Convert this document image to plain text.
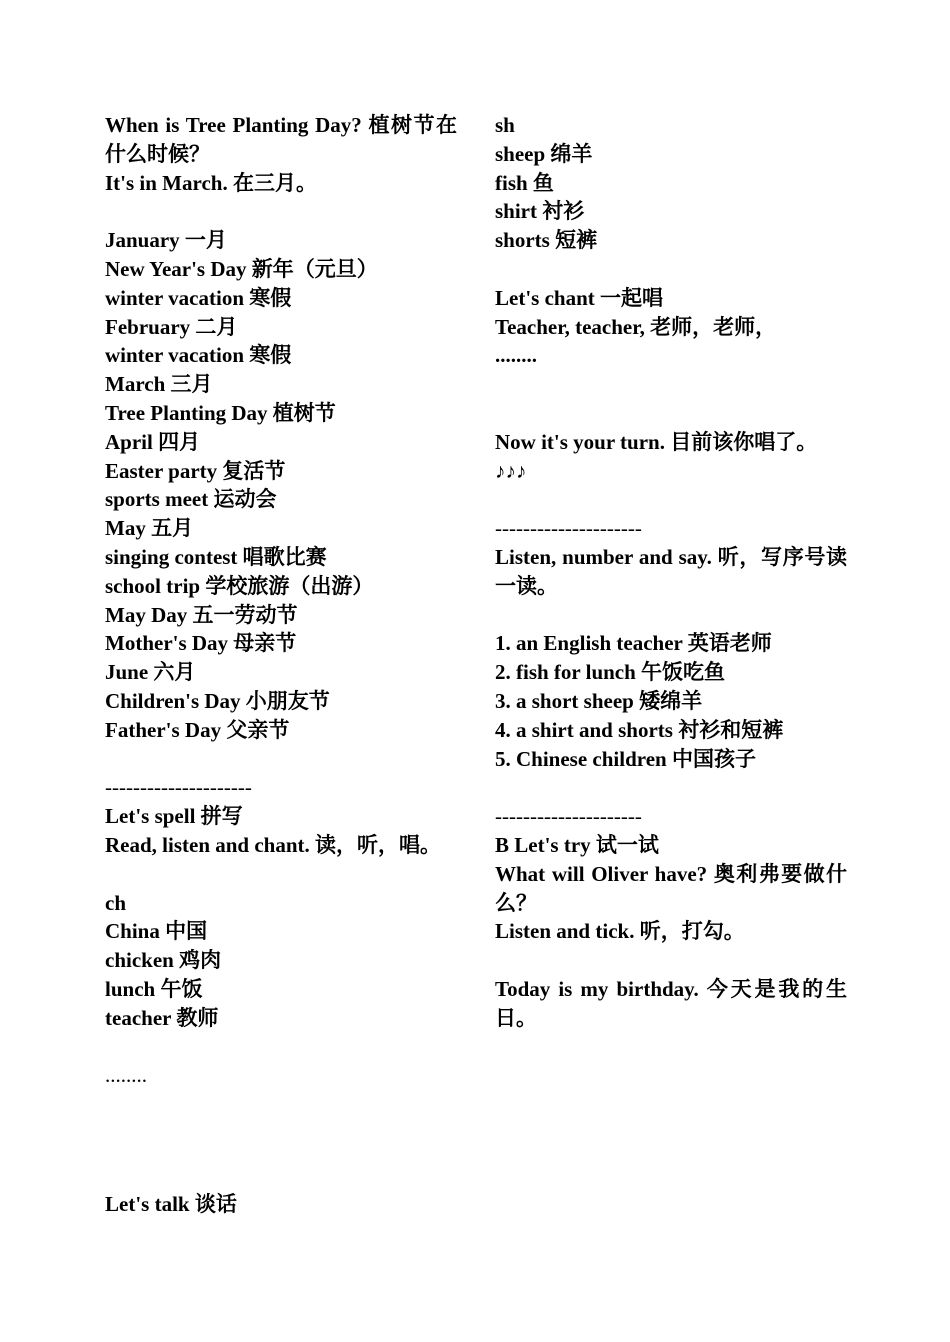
When is Tree Planting Day? 植树节在什么时候？
It's in March. 在三月。
January 一月
New Year's Day 新年（元旦）
winter vacation 寒假
February 二月
winter vacation 寒假
March 三月
Tree Planting Day 植树节
April 四月
Easter party 复活节
sports meet 运动会
May 五月
singing contest 唱歌比赛
school trip 学校旅游（出游）
May Day 五一劳动节
Mother's Day 母亲节
June 六月
Children's Day 小朋友节
Father's Day 父亲节
---------------------
Let's spell 拼写
Read, listen and chant. 读，听，唱。
ch
China 中国
chicken 鸡肉
lunch 午饭
teacher 教师
........
Let's talk 谈话
sh
sheep 绵羊
fish 鱼
shirt 衬衫
shorts 短裤
Let's chant 一起唱
Teacher, teacher, 老师，老师，
........
Now it's your turn. 目前该你唱了。
♪♪♪
---------------------
Listen, number and say. 听，写序号读一读。
1. an English teacher 英语老师
2. fish for lunch 午饭吃鱼
3. a short sheep 矮绵羊
4. a shirt and shorts 衬衫和短裤
5. Chinese children 中国孩子
---------------------
B Let's try 试一试
What will Oliver have? 奥利弗要做什么？
Listen and tick. 听，打勾。
Today is my birthday. 今天是我的生日。
